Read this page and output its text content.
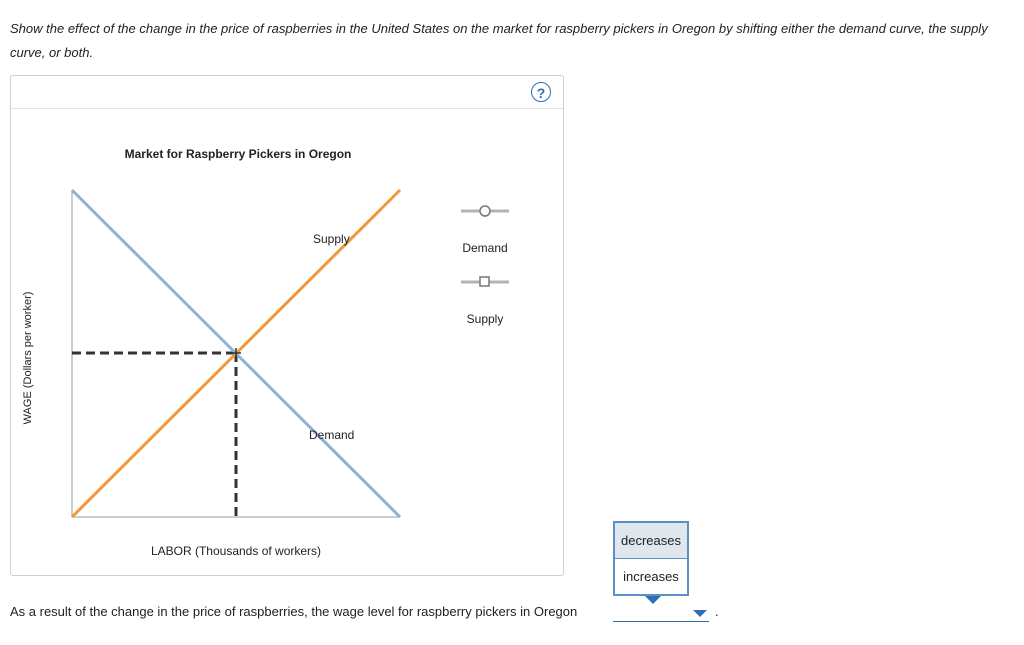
Show the effect of the change in the price of raspberries in the United States on the market for raspberry pickers in Oregon by shifting either the demand curve, the supply curve, or both.
?
Market for Raspberry Pickers in Oregon
WAGE (Dollars per worker)
LABOR (Thousands of workers)
Supply
Demand
Demand
Supply
decreases
increases
As a result of the change in the price of raspberries, the wage level for raspberry pickers in Oregon	.
